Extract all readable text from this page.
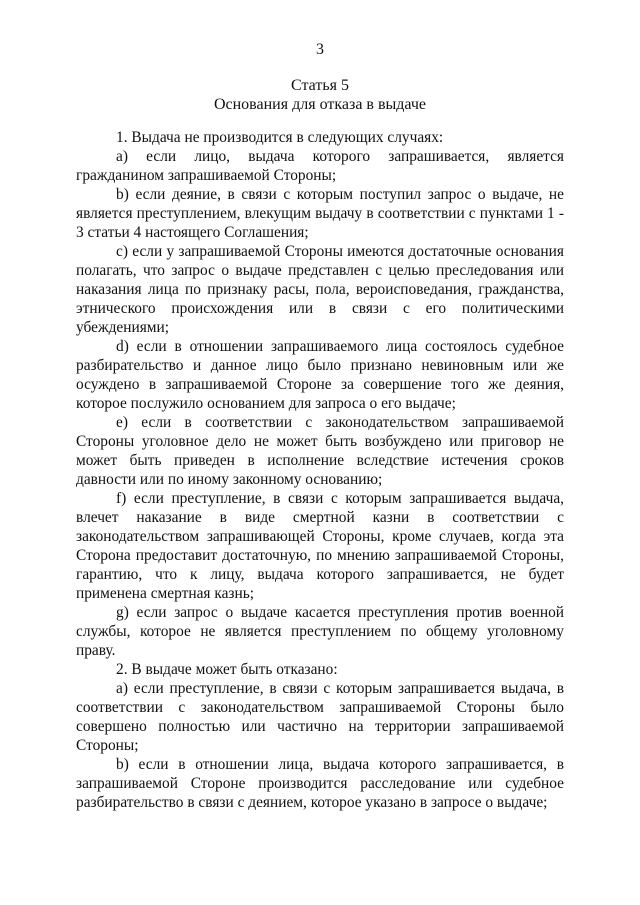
3
Статья 5
Основания для отказа в выдаче

1. Выдача не производится в следующих случаях:

а) если лицо, выдача которого запрашивается, является гражданином запрашиваемой Стороны;

b) если деяние, в связи с которым поступил запрос о выдаче, не является преступлением, влекущим выдачу в соответствии с пунктами 1 - 3 статьи 4 настоящего Соглашения;

с) если у запрашиваемой Стороны имеются достаточные основания полагать, что запрос о выдаче представлен с целью преследования или наказания лица по признаку расы, пола, вероисповедания, гражданства, этнического происхождения или в связи с его политическими убеждениями;

d) если в отношении запрашиваемого лица состоялось судебное разбирательство и данное лицо было признано невиновным или же осуждено в запрашиваемой Стороне за совершение того же деяния, которое послужило основанием для запроса о его выдаче;

е) если в соответствии с законодательством запрашиваемой Стороны уголовное дело не может быть возбуждено или приговор не может быть приведен в исполнение вследствие истечения сроков давности или по иному законному основанию;

f) если преступление, в связи с которым запрашивается выдача, влечет наказание в виде смертной казни в соответствии с законодательством запрашивающей Стороны, кроме случаев, когда эта Сторона предоставит достаточную, по мнению запрашиваемой Стороны, гарантию, что к лицу, выдача которого запрашивается, не будет применена смертная казнь;

g) если запрос о выдаче касается преступления против военной службы, которое не является преступлением по общему уголовному праву.

2. В выдаче может быть отказано:

а) если преступление, в связи с которым запрашивается выдача, в соответствии с законодательством запрашиваемой Стороны было совершено полностью или частично на территории запрашиваемой Стороны;

b) если в отношении лица, выдача которого запрашивается, в запрашиваемой Стороне производится расследование или судебное разбирательство в связи с деянием, которое указано в запросе о выдаче;
